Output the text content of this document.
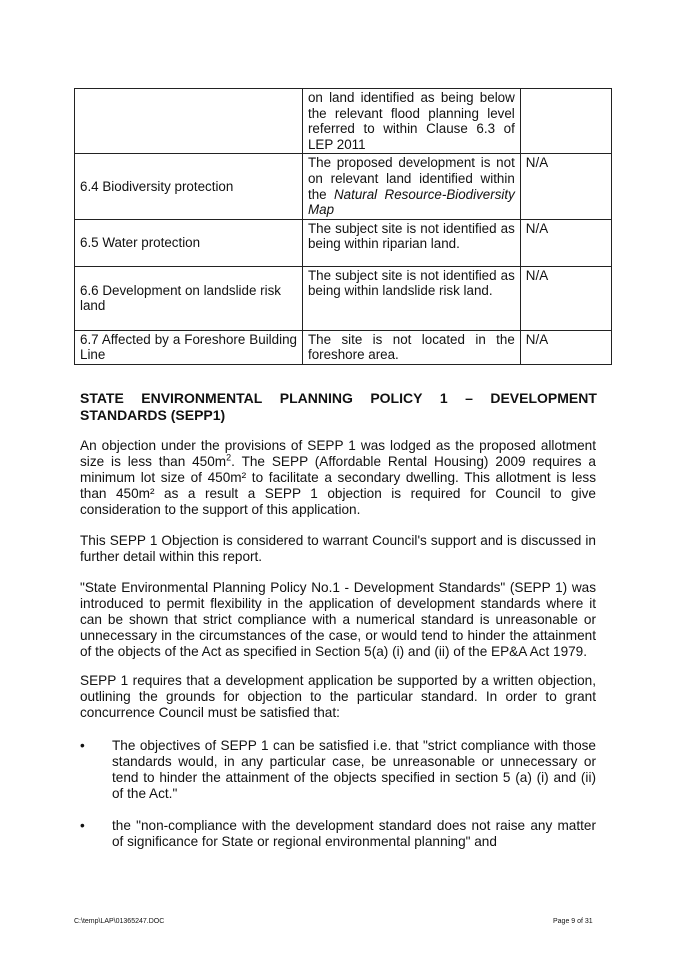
	on land identified as being below the relevant flood planning level referred to within Clause 6.3 of LEP 2011	
6.4 Biodiversity protection	The proposed development is not on relevant land identified within the Natural Resource-Biodiversity Map	N/A
6.5 Water protection	The subject site is not identified as being within riparian land.	N/A
6.6 Development on landslide risk land	The subject site is not identified as being within landslide risk land.	N/A
6.7 Affected by a Foreshore Building Line	The site is not located in the foreshore area.	N/A
STATE ENVIRONMENTAL PLANNING POLICY 1 – DEVELOPMENT
STANDARDS (SEPP1)
An objection under the provisions of SEPP 1 was lodged as the proposed allotment size is less than $450m^2$. The SEPP (Affordable Rental Housing) 2009 requires a minimum lot size of 450m² to facilitate a secondary dwelling. This allotment is less than 450m² as a result a SEPP 1 objection is required for Council to give consideration to the support of this application.
This SEPP 1 Objection is considered to warrant Council's support and is discussed in further detail within this report.
"State Environmental Planning Policy No.1 - Development Standards" (SEPP 1) was introduced to permit flexibility in the application of development standards where it can be shown that strict compliance with a numerical standard is unreasonable or unnecessary in the circumstances of the case, or would tend to hinder the attainment of the objects of the Act as specified in Section 5(a) (i) and (ii) of the EP&A Act 1979.
SEPP 1 requires that a development application be supported by a written objection, outlining the grounds for objection to the particular standard. In order to grant concurrence Council must be satisfied that:
•	The objectives of SEPP 1 can be satisfied i.e. that "strict compliance with those standards would, in any particular case, be unreasonable or unnecessary or tend to hinder the attainment of the objects specified in section 5 (a) (i) and (ii) of the Act."
•	the "non-compliance with the development standard does not raise any matter of significance for State or regional environmental planning" and
C:\temp\LAP\01365247.DOC	Page 9 of 31
